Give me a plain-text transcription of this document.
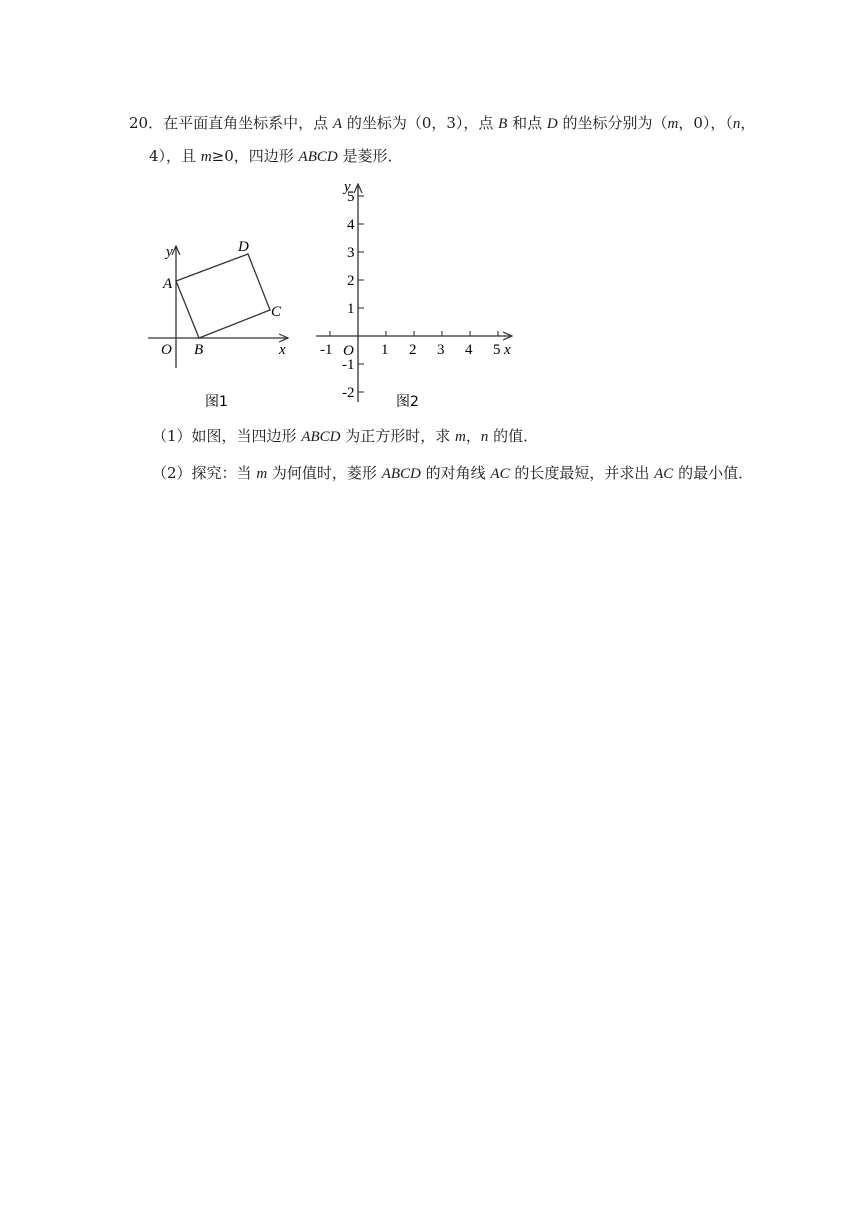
20．在平面直角坐标系中，点 A 的坐标为（0，3），点 B 和点 D 的坐标分别为（m，0），（n，
4），且 m≥0，四边形 ABCD 是菱形．
y
x
O
A
B
C
D
图1
-1	1 2 3 4 5
5
4
3
2
1
-1
-2
y
x
O
图2
（1）如图，当四边形 ABCD 为正方形时，求 m，n 的值．
（2）探究：当 m 为何值时，菱形 ABCD 的对角线 AC 的长度最短，并求出 AC 的最小值．
